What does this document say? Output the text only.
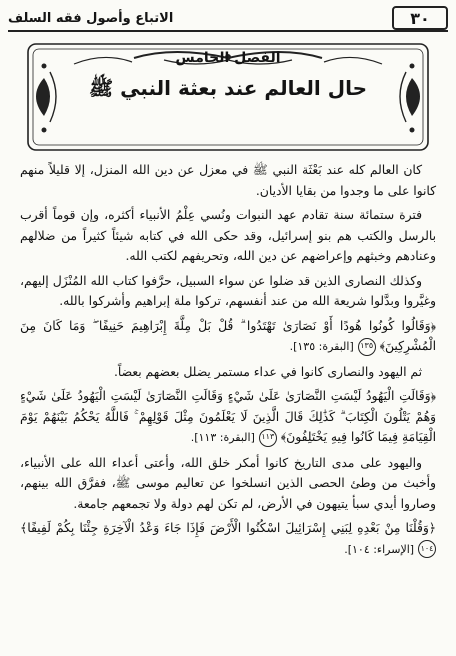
٣٠
الاتباع وأصول فقه السلف
الفصل الخامس
حال العالم عند بعثة النبي ﷺ

كان العالم كله عند بَعْثَة النبي ﷺ في معزل عن دين الله المنزل، إلا قليلاً منهم كانوا على ما وجدوا من بقايا الأديان.

فترة ستمائة سنة تقادم عهد النبوات ونُسي عِلْمُ الأنبياء أكثره، وإن قوماً أقرب بالرسل والكتب هم بنو إسرائيل، وقد حكى الله في كتابه شيئاً كثيراً من ضلالهم وعنادهم وخبثهم وإعراضهم عن دين الله، وتحريفهم لكتب الله.

وكذلك النصارى الذين قد ضلوا عن سواء السبيل، حرَّفوا كتاب الله المُنْزَل إليهم، وغيَّروا وبدَّلوا شريعة الله من عند أنفسهم، تركوا ملة إبراهيم وأشركوا بالله.

﴿وَقَالُوا كُونُوا هُودًا أَوْ نَصَارَىٰ تَهْتَدُوا ۗ قُلْ بَلْ مِلَّةَ إِبْرَاهِيمَ حَنِيفًا ۖ وَمَا كَانَ مِنَ الْمُشْرِكِينَ﴾ ١٣٥ [البقرة: ١٣٥].

ثم اليهود والنصارى كانوا في عداء مستمر يضلل بعضهم بعضاً.

﴿وَقَالَتِ الْيَهُودُ لَيْسَتِ النَّصَارَىٰ عَلَىٰ شَيْءٍ وَقَالَتِ النَّصَارَىٰ لَيْسَتِ الْيَهُودُ عَلَىٰ شَيْءٍ وَهُمْ يَتْلُونَ الْكِتَابَ ۗ كَذَٰلِكَ قَالَ الَّذِينَ لَا يَعْلَمُونَ مِثْلَ قَوْلِهِمْ ۚ فَاللَّهُ يَحْكُمُ بَيْنَهُمْ يَوْمَ الْقِيَامَةِ فِيمَا كَانُوا فِيهِ يَخْتَلِفُونَ﴾ ١١٣ [البقرة: ١١٣].

واليهود على مدى التاريخ كانوا أمكر خلق الله، وأعتى أعداء الله على الأنبياء، وأخبث من وطئ الحصى الذين انسلخوا عن تعاليم موسى ﷺ، ففرَّق الله بينهم، وصاروا أيدي سبأ يتيهون في الأرض، لم تكن لهم دولة ولا تجمعهم جامعة.

﴿وَقُلْنَا مِنْ بَعْدِهِ لِبَنِي إِسْرَائِيلَ اسْكُنُوا الْأَرْضَ فَإِذَا جَاءَ وَعْدُ الْآخِرَةِ جِئْنَا بِكُمْ لَفِيفًا﴾ ١٠٤ [الإسراء: ١٠٤].
